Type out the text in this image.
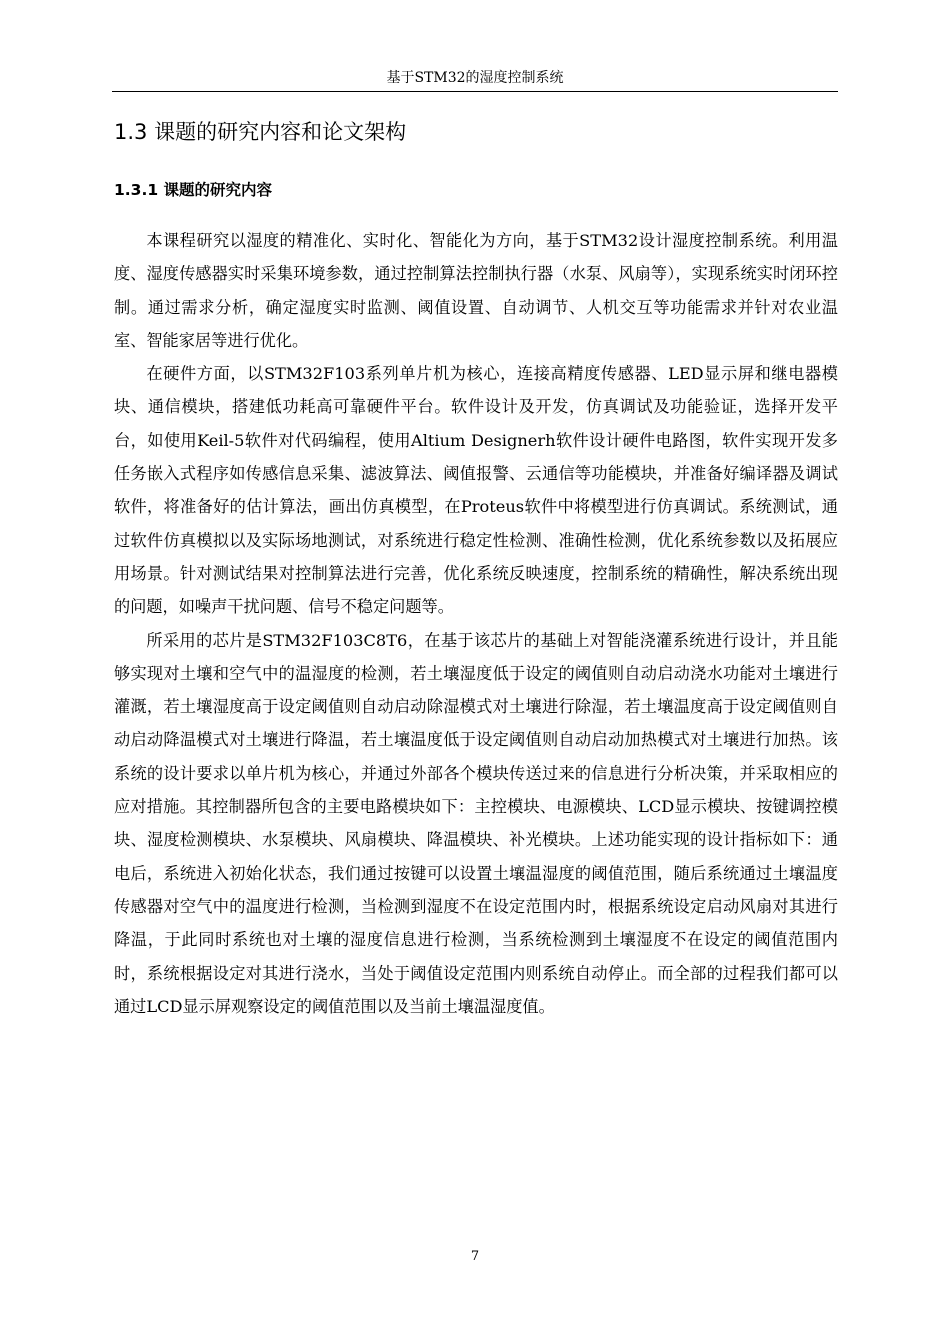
基于STM32的湿度控制系统
1.3 课题的研究内容和论文架构
1.3.1 课题的研究内容

本课程研究以湿度的精准化、实时化、智能化为方向，基于STM32设计湿度控制系统。利用温度、湿度传感器实时采集环境参数，通过控制算法控制执行器（水泵、风扇等），实现系统实时闭环控制。通过需求分析，确定湿度实时监测、阈值设置、自动调节、人机交互等功能需求并针对农业温室、智能家居等进行优化。

在硬件方面，以STM32F103系列单片机为核心，连接高精度传感器、LED显示屏和继电器模块、通信模块，搭建低功耗高可靠硬件平台。软件设计及开发，仿真调试及功能验证，选择开发平台，如使用Keil-5软件对代码编程，使用Altium Designerh软件设计硬件电路图，软件实现开发多任务嵌入式程序如传感信息采集、滤波算法、阈值报警、云通信等功能模块，并准备好编译器及调试软件，将准备好的估计算法，画出仿真模型，在Proteus软件中将模型进行仿真调试。系统测试，通过软件仿真模拟以及实际场地测试，对系统进行稳定性检测、准确性检测，优化系统参数以及拓展应用场景。针对测试结果对控制算法进行完善，优化系统反映速度，控制系统的精确性，解决系统出现的问题，如噪声干扰问题、信号不稳定问题等。

所采用的芯片是STM32F103C8T6，在基于该芯片的基础上对智能浇灌系统进行设计，并且能够实现对土壤和空气中的温湿度的检测，若土壤湿度低于设定的阈值则自动启动浇水功能对土壤进行灌溉，若土壤湿度高于设定阈值则自动启动除湿模式对土壤进行除湿，若土壤温度高于设定阈值则自动启动降温模式对土壤进行降温，若土壤温度低于设定阈值则自动启动加热模式对土壤进行加热。该系统的设计要求以单片机为核心，并通过外部各个模块传送过来的信息进行分析决策，并采取相应的应对措施。其控制器所包含的主要电路模块如下：主控模块、电源模块、LCD显示模块、按键调控模块、湿度检测模块、水泵模块、风扇模块、降温模块、补光模块。上述功能实现的设计指标如下：通电后，系统进入初始化状态，我们通过按键可以设置土壤温湿度的阈值范围，随后系统通过土壤温度传感器对空气中的温度进行检测，当检测到湿度不在设定范围内时，根据系统设定启动风扇对其进行降温，于此同时系统也对土壤的湿度信息进行检测，当系统检测到土壤湿度不在设定的阈值范围内时，系统根据设定对其进行浇水，当处于阈值设定范围内则系统自动停止。而全部的过程我们都可以通过LCD显示屏观察设定的阈值范围以及当前土壤温湿度值。

7
